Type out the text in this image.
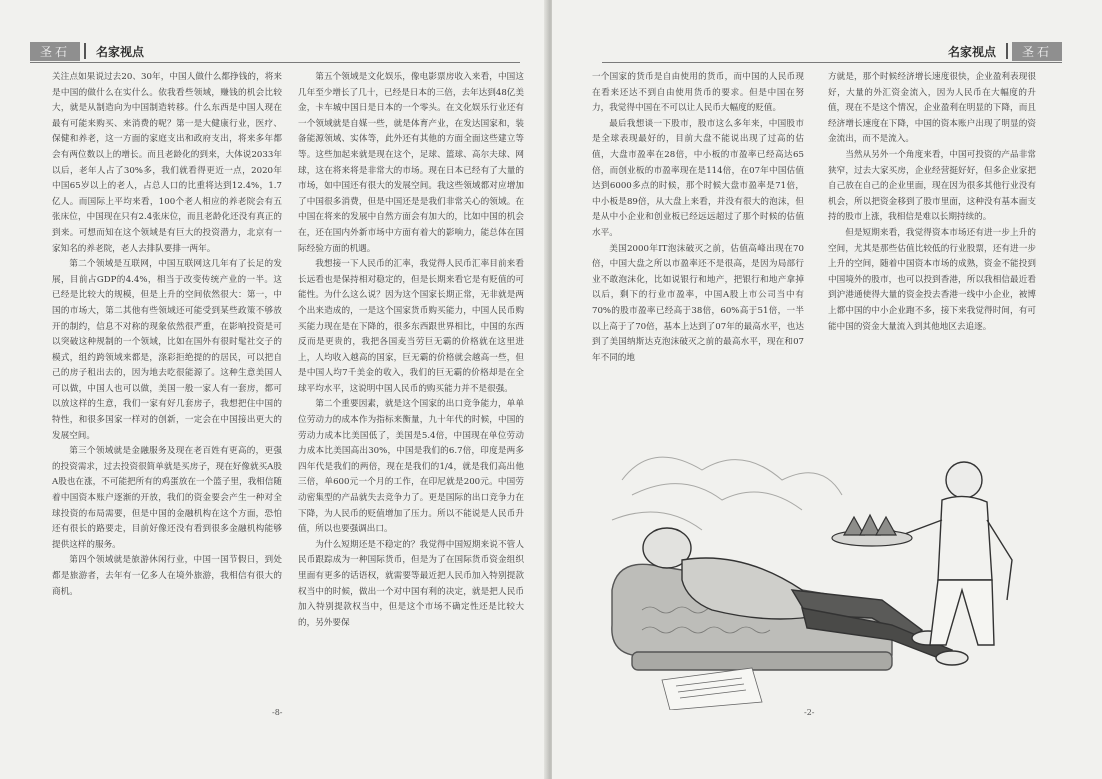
圣石	名家视点

关注点如果说过去20、30年，中国人做什么都挣钱的，将来是中国的做什么在实什么。依我看些领域，赚钱的机会比较大，就是从制造向为中国制造转移。什么东西是中国人现在最有可能来购买、来消费的呢？第一是大健康行业，医疗、保健和养老，这一方面的家庭支出和政府支出，将来多年都会有两位数以上的增长。而且老龄化的到来，大体说2033年以后，老年人占了30%多，我们就看得更近一点，2020年中国65岁以上的老人，占总人口的比重将达到12.4%，1.7亿人。而国际上平均来看，100个老人相应的养老院会有五张床位，中国现在只有2.4张床位，而且老龄化还没有真正的到来。可想而知在这个领域是有巨大的投资潜力，北京有一家知名的养老院，老人去排队要排一两年。

第二个领域是互联网，中国互联网这几年有了长足的发展，目前占GDP的4.4%，相当于改变传统产业的一半。这已经是比较大的规模，但是上升的空间依然很大：第一，中国的市场大，第二其他有些领域还可能受到某些政策不够放开的制约，信息不对称的现象依然很严重，在影响投资是可以突破这种规制的一个领域，比如在国外有很时髦社交子的模式，组约跨领域来都是，涤彩拒绝提的的居民，可以把自己的房子租出去的，因为地去吃很能源了。这种生意美国人可以做，中国人也可以做，美国一般一家人有一套房，都可以放这样的生意，我们一家有好几套房子，我想把住中国的特性，和很多国家一样对的创新，一定会在中国接出更大的发展空间。

第三个领域就是金融服务及现在老百姓有更高的，更强的投资需求，过去投资很简单就是买房子，现在好像就买A股A股也在涨，不可能把所有的鸡蛋放在一个篮子里，我相信随着中国资本账户逐渐的开放，我们的资金要会产生一种对全球投资的布局需要，但是中国的金融机构在这个方面，恐怕还有很长的路要走，目前好像还没有看到很多金融机构能够提供这样的服务。

第四个领域就是旅游休闲行业，中国一国节假日，到处都是旅游者，去年有一亿多人在境外旅游，我相信有很大的商机。

第五个领域是文化娱乐，像电影票房收入来看，中国这几年至少增长了几十，已经是日本的三倍，去年达到48亿美金，卡车城中国日是日本的一个零头。在文化娱乐行业还有一个领域就是自媒一些，就是体育产业，在发达国家和，装备能源领域、实体等，此外还有其他的方面全面这些建立等等。这些加起来就是现在这个，足球、篮球、高尔夫球、网球，这在将来将是非常大的市场。现在日本已经有了大量的市场，如中国还有很大的发展空间。我这些领域都对应增加了中国很多消费，但是中国还是是我们非常关心的领域。在中国在将来的发展中自然方面会有加大的，比如中国的机会在，还在国内外新市场中方面有着大的影响力，能总体在国际经验方面的机遇。

我想接一下人民币的汇率，我觉得人民币汇率目前来看长远看也是保持相对稳定的，但是长期来看它是有贬值的可能性。为什么这么说？因为这个国家长期正常，无非就是两个出来造成的，一是这个国家货币购买能力，中国人民币购买能力现在是在下降的，很多东西跟世界相比，中国的东西反而是更贵的，我把各国麦当劳巨无霸的价格就在这里进上，人均收入越高的国家，巨无霸的价格就会越高一些，但是中国人均7千美金的收入，我们的巨无霸的价格却是在全球平均水平，这说明中国人民币的购买能力并不是很强。

第二个重要因素，就是这个国家的出口竞争能力，单单位劳动力的成本作为指标来衡量，九十年代的时候，中国的劳动力成本比美国低了，美国是5.4倍，中国现在单位劳动力成本比美国高出30%，中国是我们的6.7倍，印度是两多四年代是我们的两倍，现在是我们的1/4，就是我们高出他三倍，单600元一个月的工作，在印尼就是200元。中国劳动密集型的产品就失去竞争力了。更是国际的出口竞争力在下降，为人民币的贬值增加了压力。所以不能说是人民币升值，所以也要强调出口。

为什么短期还是不稳定的？我觉得中国短期来说不管人民币跟踪成为一种国际货币，但是为了在国际货币资金组织里面有更多的话语权，就需要等最近把人民币加入特别提款权当中的时候，做出一个对中国有利的决定，就是把人民币加入特别提款权当中，但是这个市场不确定性还是比较大的，另外要保

-8-
名家视点	圣石

一个国家的货币是自由使用的货币，而中国的人民币现在看来还达不到自由使用货币的要求。但是中国在努力，我觉得中国在不可以让人民币大幅度的贬值。

最后我想谈一下股市，股市这么多年来，中国股市是全球表现最好的，目前大盘不能说出现了过高的估值，大盘市盈率在28倍，中小板的市盈率已经高达65倍，而创业板的市盈率现在是114倍，在07年中国估值达到6000多点的时候，那个时候大盘市盈率是71倍，中小板是89倍，从大盘上来看，并没有很大的泡沫，但是从中小企业和创业板已经远远超过了那个时候的估值水平。

美国2000年IT泡沫破灭之前，估值高峰出现在70倍，中国大盘之所以市盈率还不是很高，是因为局部行业不敢泡沫化，比如说银行和地产，把银行和地产拿掉以后，剩下的行业市盈率，中国A股上市公司当中有70%的股市盈率已经高于38倍，60%高于51倍，一半以上高于了70倍，基本上达到了07年的最高水平，也达到了美国纳斯达克泡沫破灭之前的最高水平，现在和07年不同的地

方就是，那个时候经济增长速度很快，企业盈利表现很好，大量的外汇资金流入，因为人民币在大幅度的升值，现在不是这个情况，企业盈利在明显的下降，而且经济增长速度在下降，中国的资本账户出现了明显的资金流出，而不是流入。

当然从另外一个角度来看，中国可投资的产品非常狭窄，过去大家买房，企业经营挺好好，但多企业家把自己放在自己的企业里面，现在因为很多其他行业没有机会，所以把资金移到了股市里面，这种没有基本面支持的股市上涨，我相信是难以长期持续的。

但是短期来看，我觉得资本市场还有进一步上升的空间，尤其是那些估值比较低的行业股票，还有进一步上升的空间，随着中国资本市场的成熟，资金不能投到中国境外的股市，也可以投到香港，所以我相信最近看到沪港通使得大量的资金投去香港一线中小企业，被博上都中国的中小企业跑不多，接下来我觉得时间，有可能中国的资金大量流入到其他地区去追逐。

-2-
